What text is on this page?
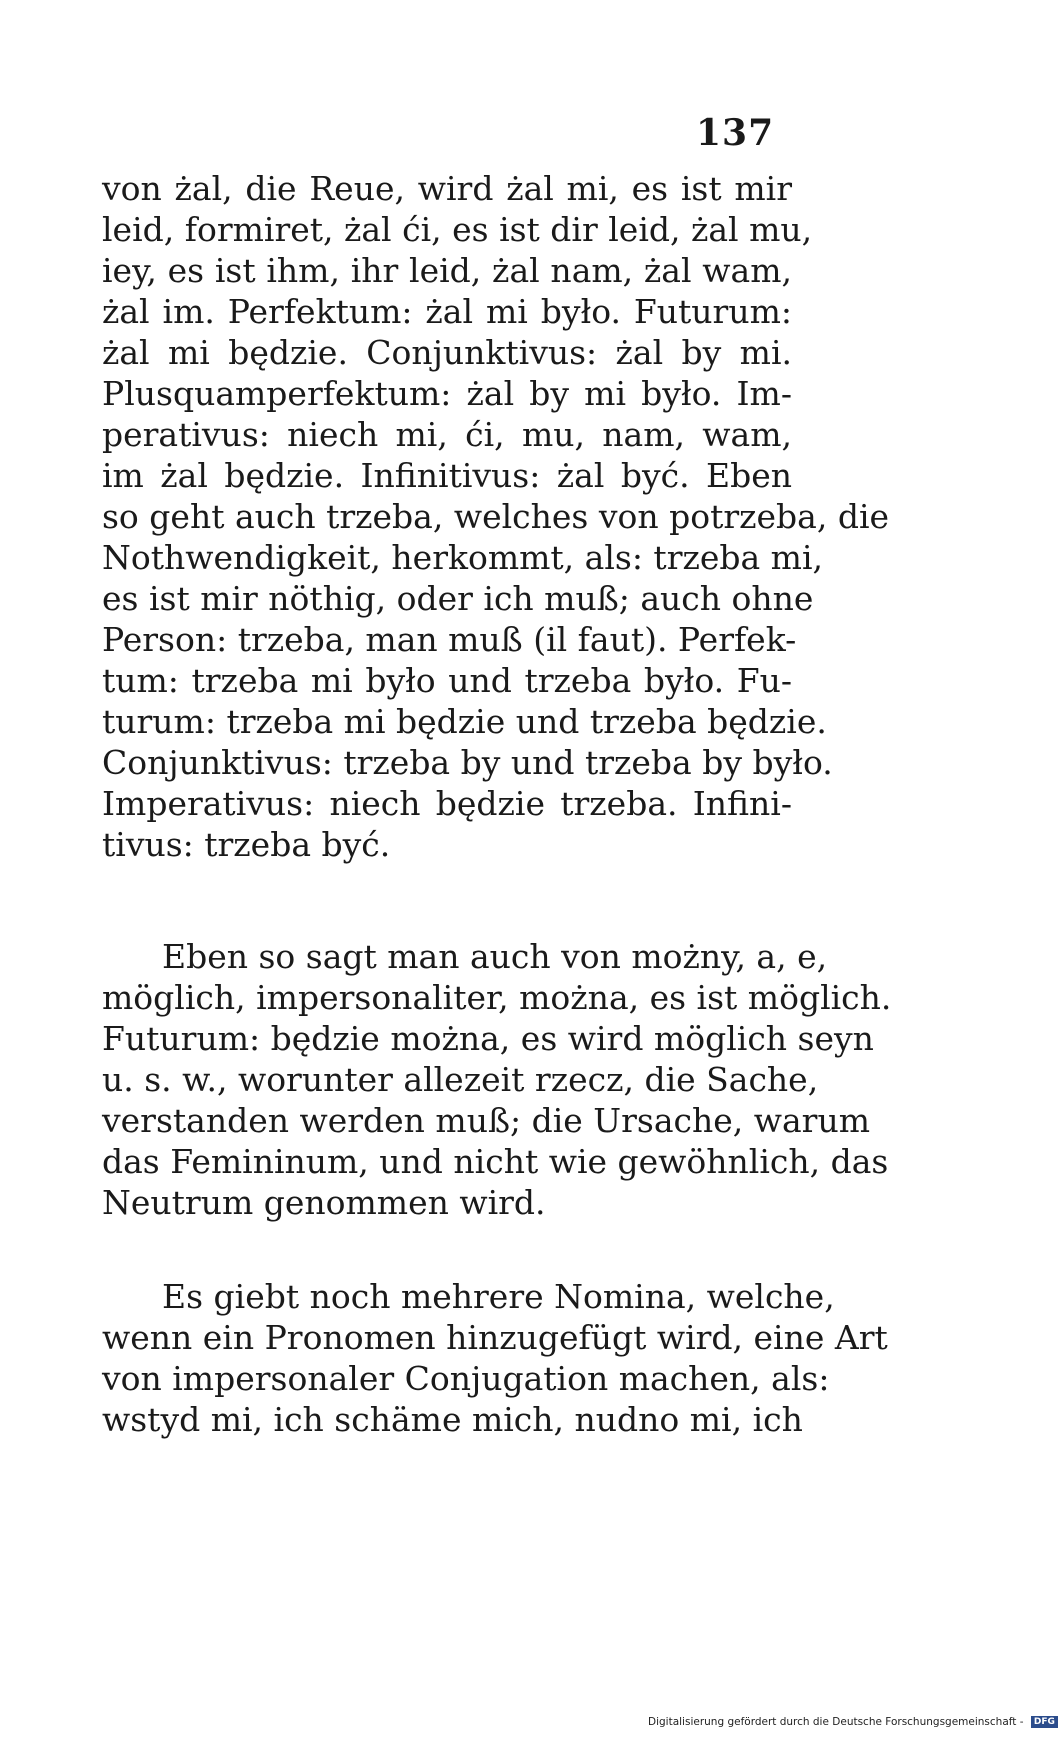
137
von żal, die Reue, wird żal mi, es ist mir
leid, formiret, żal ći, es ist dir leid, żal mu,
iey, es ist ihm, ihr leid, żal nam, żal wam,
żal im. Perfektum: żal mi było. Futurum:
żal mi będzie. Conjunktivus: żal by mi.
Plusquamperfektum: żal by mi było. Im-
perativus: niech mi, ći, mu, nam, wam,
im żal będzie. Infinitivus: żal być. Eben
so geht auch trzeba, welches von potrzeba, die
Nothwendigkeit, herkommt, als: trzeba mi,
es ist mir nöthig, oder ich muß; auch ohne
Person: trzeba, man muß (il faut). Perfek-
tum: trzeba mi było und trzeba było. Fu-
turum: trzeba mi będzie und trzeba będzie.
Conjunktivus: trzeba by und trzeba by było.
Imperativus: niech będzie trzeba. Infini-
tivus: trzeba być.
Eben so sagt man auch von możny, a, e,
möglich, impersonaliter, można, es ist möglich.
Futurum: będzie można, es wird möglich seyn
u. s. w., worunter allezeit rzecz, die Sache,
verstanden werden muß; die Ursache, warum
das Femininum, und nicht wie gewöhnlich, das
Neutrum genommen wird.
Es giebt noch mehrere Nomina, welche,
wenn ein Pronomen hinzugefügt wird, eine Art
von impersonaler Conjugation machen, als:
wstyd mi, ich schäme mich, nudno mi, ich
Digitalisierung gefördert durch die Deutsche Forschungsgemeinschaft - DFG
